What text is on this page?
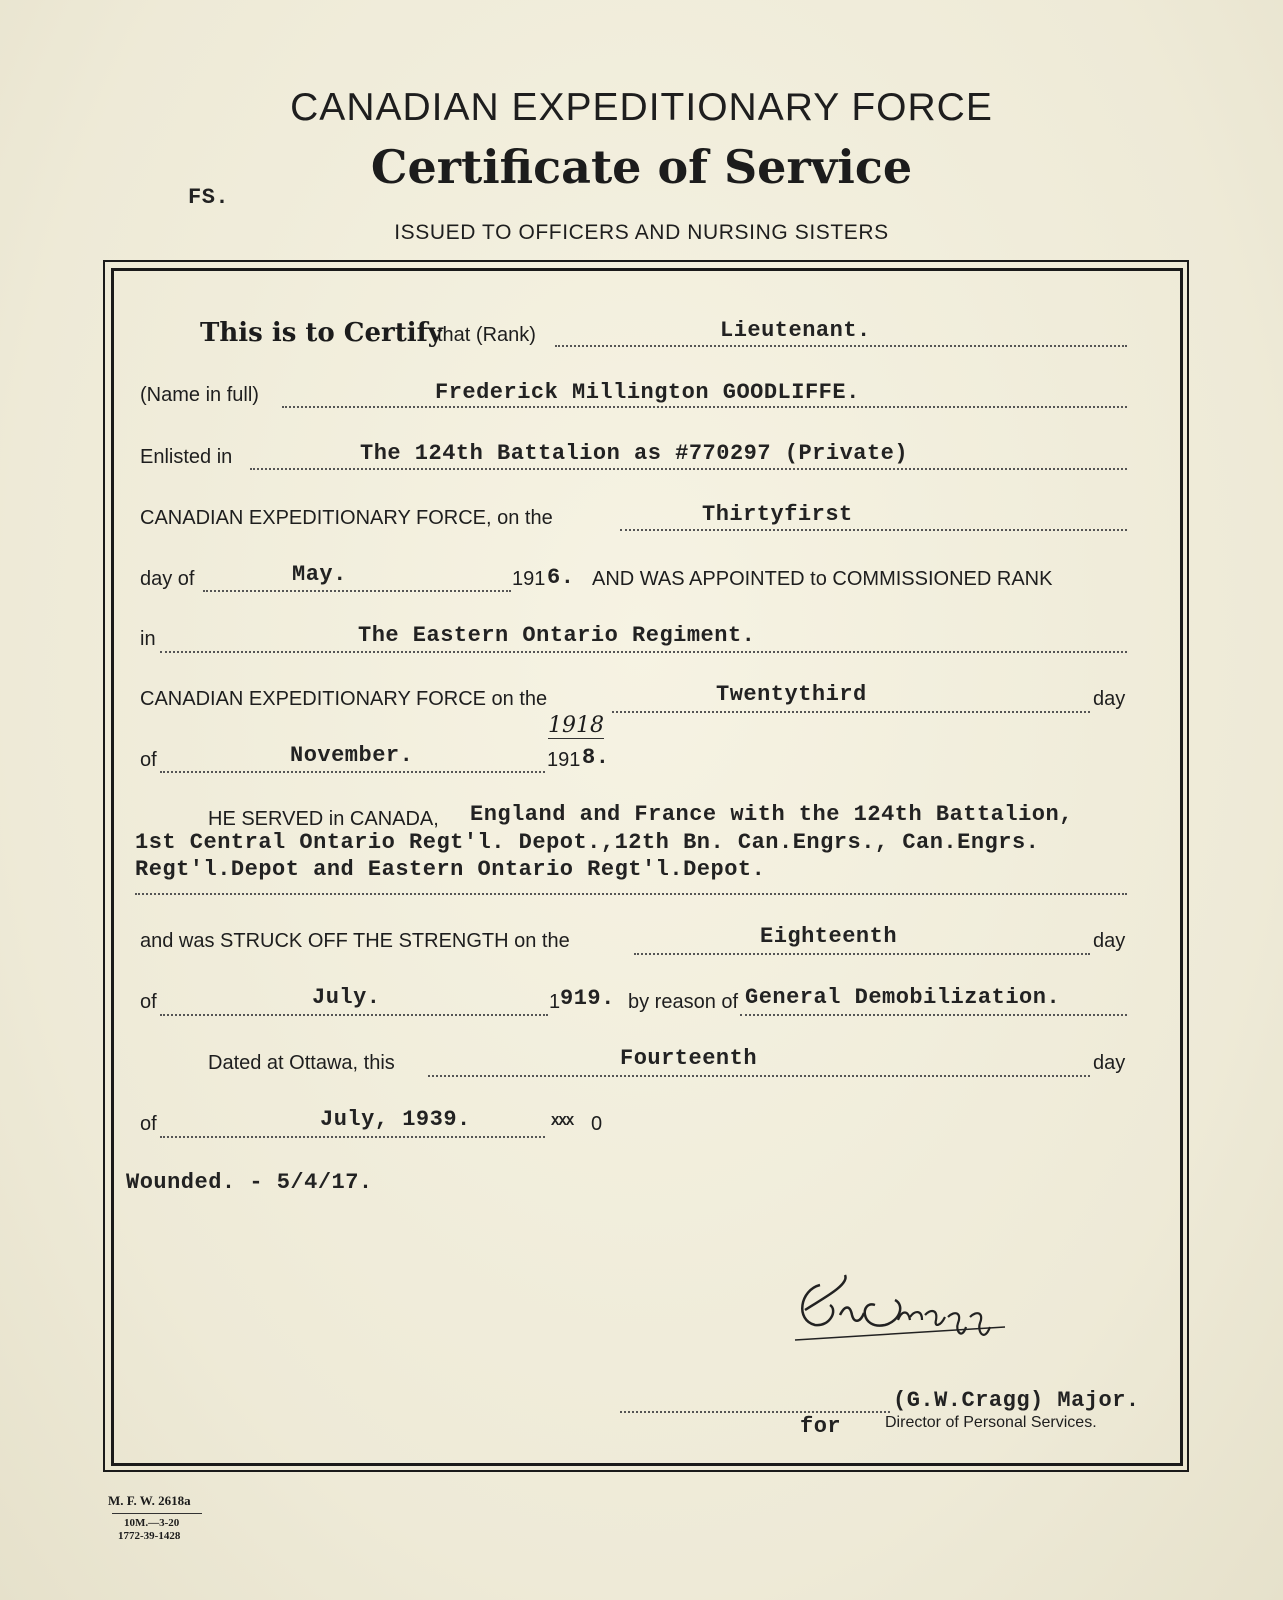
CANADIAN EXPEDITIONARY FORCE
Certificate of Service
FS.
ISSUED TO OFFICERS AND NURSING SISTERS
This is to Certify
that (Rank)	Lieutenant.
(Name in full)	Frederick Millington GOODLIFFE.
Enlisted in	The 124th Battalion as #770297 (Private)
CANADIAN EXPEDITIONARY FORCE, on the	Thirtyfirst
day of	May.	191 6. AND WAS APPOINTED to COMMISSIONED RANK
in	The Eastern Ontario Regiment.
CANADIAN EXPEDITIONARY FORCE on the	Twentythird	day
of	November.	191 8.
1918
HE SERVED in CANADA, England and France with the 124th Battalion,
1st Central Ontario Regt'l. Depot.,12th Bn. Can.Engrs., Can.Engrs.
Regt'l.Depot and Eastern Ontario Regt'l.Depot.
and was STRUCK OFF THE STRENGTH on the	Eighteenth	day
of	July.	1 919. by reason of General Demobilization.
Dated at Ottawa, this	Fourteenth	day
of	July, 1939.	XXX 0
Wounded. - 5/4/17.
(G.W.Cragg) Major.
for	Director of Personal Services.
M. F. W. 2618a
10M.—3-20
1772-39-1428
